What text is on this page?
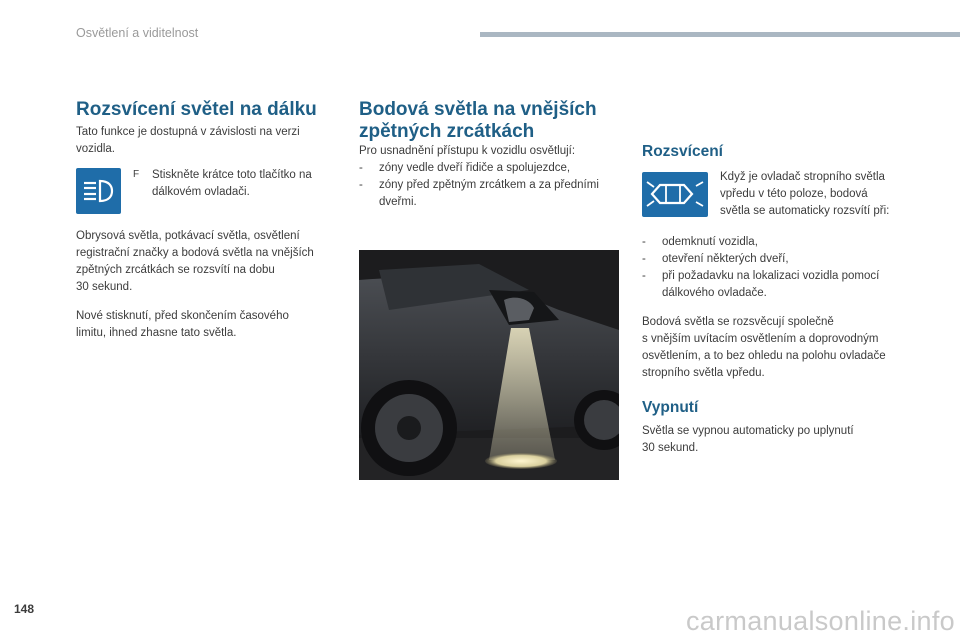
Osvětlení a viditelnost
Rozsvícení světel na dálku
Tato funkce je dostupná v závislosti na verzi
vozidla.
F Stiskněte krátce toto tlačítko na
dálkovém ovladači.
Obrysová světla, potkávací světla, osvětlení
registrační značky a bodová světla na vnějších
zpětných zrcátkách se rozsvítí na dobu
30 sekund.
Nové stisknutí, před skončením časového
limitu, ihned zhasne tato světla.
Bodová světla na vnějších
zpětných zrcátkách
Pro usnadnění přístupu k vozidlu osvětlují:
- zóny vedle dveří řidiče a spolujezdce,
- zóny před zpětným zrcátkem a za předními
dveřmi.
Rozsvícení
Když je ovladač stropního světla
vpředu v této poloze, bodová
světla se automaticky rozsvítí při:
- odemknutí vozidla,
- otevření některých dveří,
- při požadavku na lokalizaci vozidla pomocí
dálkového ovladače.
Bodová světla se rozsvěcují společně
s vnějším uvítacím osvětlením a doprovodným
osvětlením, a to bez ohledu na polohu ovladače
stropního světla vpředu.
Vypnutí
Světla se vypnou automaticky po uplynutí
30 sekund.
148	carmanualsonline.info
